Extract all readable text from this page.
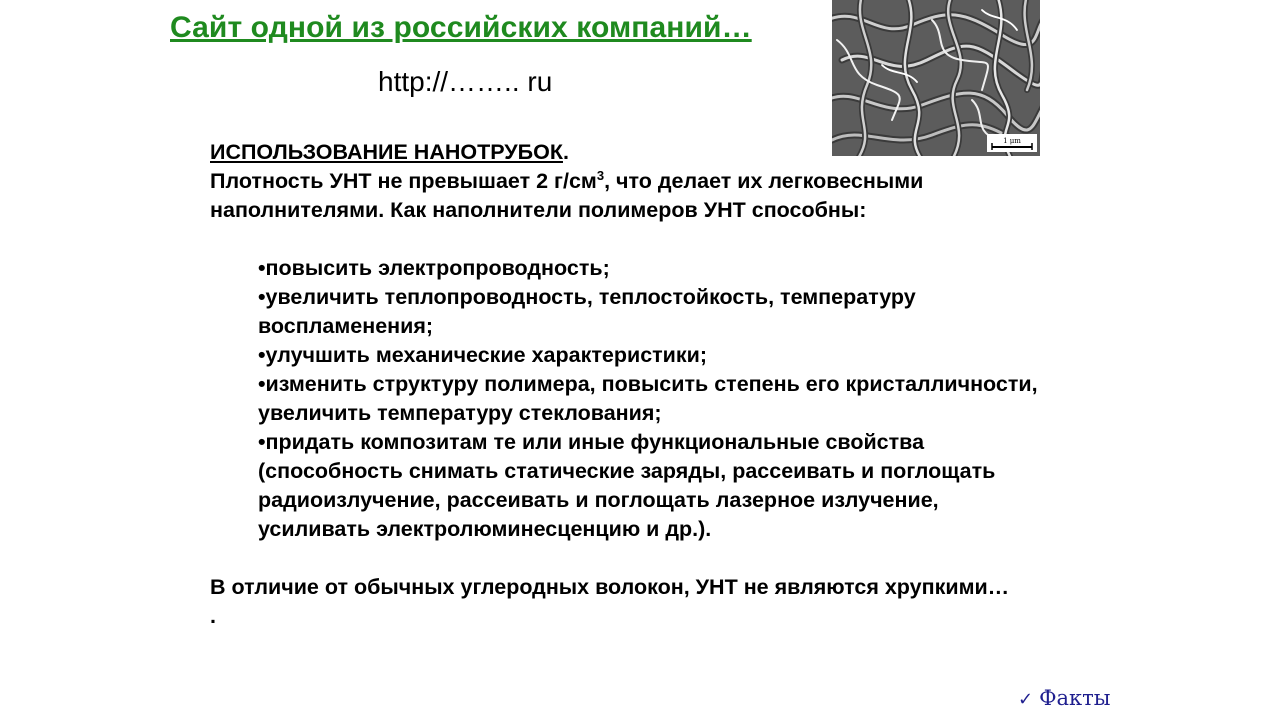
Сайт одной из российских компаний…
http://…….. ru
1 μm
ИСПОЛЬЗОВАНИЕ НАНОТРУБОК.
Плотность УНТ не превышает 2 $г/см^3$, что делает их легковесными
наполнителями. Как наполнители полимеров УНТ способны:
•повысить электропроводность;
•увеличить теплопроводность, теплостойкость, температуру воспламенения;
•улучшить механические характеристики;
•изменить структуру полимера, повысить степень его кристалличности, увеличить температуру стеклования;
•придать композитам те или иные функциональные свойства (способность снимать статические заряды, рассеивать и поглощать радиоизлучение, рассеивать и поглощать лазерное излучение, усиливать электролюминесценцию и др.).
В отличие от обычных углеродных волокон, УНТ не являются хрупкими…
.
✓ Факты
